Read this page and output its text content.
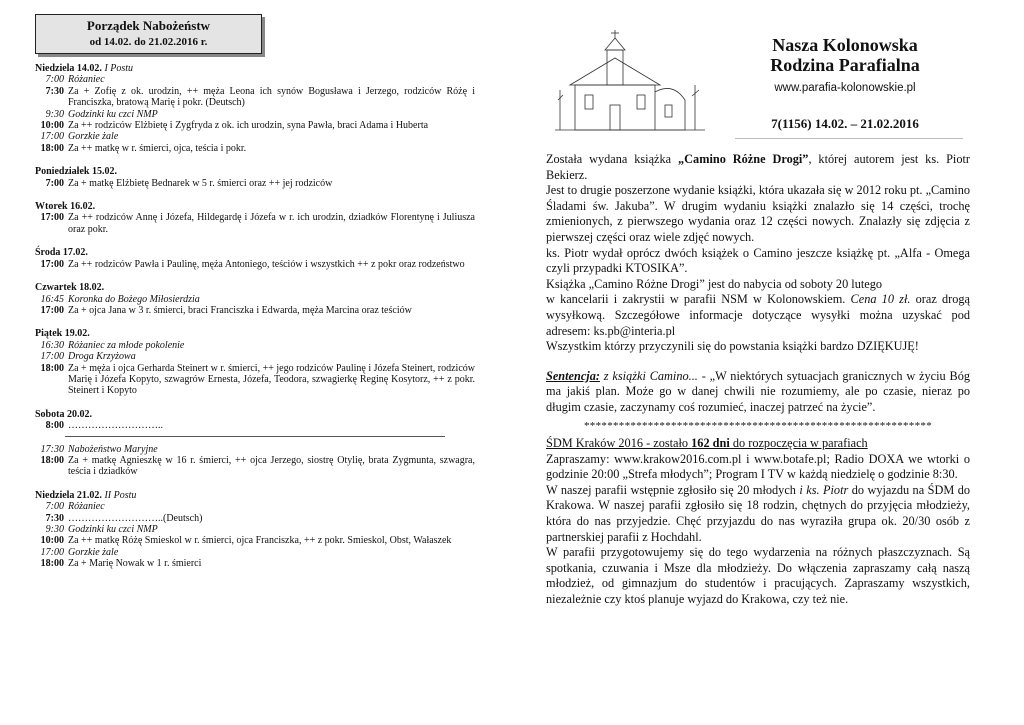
Porządek Nabożeństw
od 14.02. do 21.02.2016 r.
Niedziela 14.02. I Postu
7:00 Różaniec
7:30 Za + Zofię z ok. urodzin, ++ męża Leona ich synów Bogusława i Jerzego, rodziców Różę i Franciszka, bratową Marię i pokr. (Deutsch)
9:30 Godzinki ku czci NMP
10:00 Za ++ rodziców Elżbietę i Zygfryda z ok. ich urodzin, syna Pawła, braci Adama i Huberta
17:00 Gorzkie żale
18:00 Za ++ matkę w r. śmierci, ojca, teścia i pokr.
Poniedziałek 15.02.
7:00 Za + matkę Elżbietę Bednarek w 5 r. śmierci oraz ++ jej rodziców
Wtorek 16.02.
17:00 Za ++ rodziców Annę i Józefa, Hildegardę i Józefa w r. ich urodzin, dziadków Florentynę i Juliusza oraz pokr.
Środa 17.02.
17:00 Za ++ rodziców Pawła i Paulinę, męża Antoniego, teściów i wszystkich ++ z pokr oraz rodzeństwo
Czwartek 18.02.
16:45 Koronka do Bożego Miłosierdzia
17:00 Za + ojca Jana w 3 r. śmierci, braci Franciszka i Edwarda, męża Marcina oraz teściów
Piątek 19.02.
16:30 Różaniec za młode pokolenie
17:00 Droga Krzyżowa
18:00 Za + męża i ojca Gerharda Steinert w r. śmierci, ++ jego rodziców Paulinę i Józefa Steinert, rodziców Marię i Józefa Kopyto, szwagrów Ernesta, Józefa, Teodora, szwagierkę Reginę Kosytorz, ++ z pokr. Steinert i Kopyto
Sobota 20.02.
8:00 ………………………..
17:30 Nabożeństwo Maryjne
18:00 Za + matkę Agnieszkę w 16 r. śmierci, ++ ojca Jerzego, siostrę Otylię, brata Zygmunta, szwagra, teścia i dziadków
Niedziela 21.02. II Postu
7:00 Różaniec
7:30 ………………………..(Deutsch)
9:30 Godzinki ku czci NMP
10:00 Za ++ matkę Różę Smieskol w r. śmierci, ojca Franciszka, ++ z pokr. Smieskol, Obst, Wałaszek
17:00 Gorzkie żale
18:00 Za + Marię Nowak w 1 r. śmierci
Nasza Kolonowska
Rodzina Parafialna
www.parafia-kolonowskie.pl
7(1156) 14.02. – 21.02.2016

Została wydana książka „Camino Różne Drogi”, której autorem jest ks. Piotr Bekierz.

Jest to drugie poszerzone wydanie książki, która ukazała się w 2012 roku pt. „Camino Śladami św. Jakuba”. W drugim wydaniu książki znalazło się 14 części, trochę zmienionych, z pierwszego wydania oraz 12 części nowych. Znalazły się zdjęcia z pierwszej części oraz wiele zdjęć nowych.

ks. Piotr wydał oprócz dwóch książek o Camino jeszcze książkę pt. „Alfa - Omega czyli przypadki KTOSIKA”.

Książka „Camino Różne Drogi” jest do nabycia od soboty 20 lutego

w kancelarii i zakrystii w parafii NSM w Kolonowskiem. Cena 10 zł. oraz drogą wysyłkową. Szczegółowe informacje dotyczące wysyłki można uzyskać pod adresem: ks.pb@interia.pl

Wszystkim którzy przyczynili się do powstania książki bardzo DZIĘKUJĘ!

Sentencja: z książki Camino... - „W niektórych sytuacjach granicznych w życiu Bóg ma jakiś plan. Może go w danej chwili nie rozumiemy, ale po czasie, nieraz po długim czasie, zaczynamy coś rozumieć, inaczej patrzeć na życie”.

************************************************************

ŚDM Kraków 2016 - zostało 162 dni do rozpoczęcia w parafiach

Zapraszamy: www.krakow2016.com.pl i www.botafe.pl; Radio DOXA we wtorki o godzinie 20:00 „Strefa młodych”; Program I TV w każdą niedzielę o godzinie 8:30.

W naszej parafii wstępnie zgłosiło się 20 młodych i ks. Piotr do wyjazdu na ŚDM do Krakowa. W naszej parafii zgłosiło się 18 rodzin, chętnych do przyjęcia młodzieży, która do nas przyjedzie. Chęć przyjazdu do nas wyraziła grupa ok. 20/30 osób z partnerskiej parafii z Hochdahl.

W parafii przygotowujemy się do tego wydarzenia na różnych płaszczyznach. Są spotkania, czuwania i Msze dla młodzieży. Do włączenia zapraszamy całą naszą młodzież, od gimnazjum do studentów i pracujących. Zapraszamy wszystkich, niezależnie czy ktoś planuje wyjazd do Krakowa, czy też nie.
